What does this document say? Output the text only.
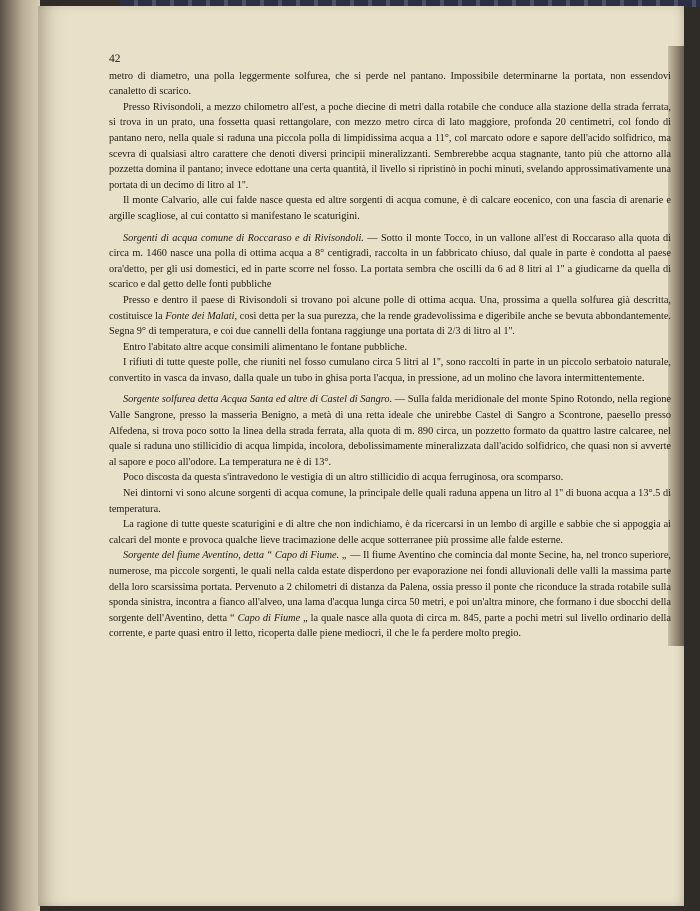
42

metro di diametro, una polla leggermente solfurea, che si perde nel pantano. Impossibile determinarne la portata, non essendovi canaletto di scarico.

Presso Rivisondoli, a mezzo chilometro all'est, a poche diecine di metri dalla rotabile che conduce alla stazione della strada ferrata, si trova in un prato, una fossetta quasi rettangolare, con mezzo metro circa di lato maggiore, profonda 20 centimetri, col fondo di pantano nero, nella quale si raduna una piccola polla di limpidissima acqua a 11°, col marcato odore e sapore dell'acido solfidrico, ma scevra di qualsiasi altro carattere che denoti diversi principii mineralizzanti. Sembrerebbe acqua stagnante, tanto più che attorno alla pozzetta domina il pantano; invece edottane una certa quantità, il livello si ripristinò in pochi minuti, svelando approssimativamente una portata di un decimo di litro al 1''.

Il monte Calvario, alle cui falde nasce questa ed altre sorgenti di acqua comune, è di calcare eocenico, con una fascia di arenarie e argille scagliose, al cui contatto si manifestano le scaturigini.

Sorgenti di acqua comune di Roccaraso e di Rivisondoli. — Sotto il monte Tocco, in un vallone all'est di Roccaraso alla quota di circa m. 1460 nasce una polla di ottima acqua a 8° centigradi, raccolta in un fabbricato chiuso, dal quale in parte è condotta al paese ora'detto, per gli usi domestici, ed in parte scorre nel fosso. La portata sembra che oscilli da 6 ad 8 litri al 1'' a giudicarne da quella di scarico e dal getto delle fonti pubbliche

Presso e dentro il paese di Rivisondoli si trovano poi alcune polle di ottima acqua. Una, prossima a quella solfurea già descritta, costituisce la Fonte dei Malati, così detta per la sua purezza, che la rende gradevolissima e digeribile anche se bevuta abbondantemente. Segna 9° di temperatura, e coi due cannelli della fontana raggiunge una portata di 2/3 di litro al 1''.

Entro l'abitato altre acque consimili alimentano le fontane pubbliche.

I rifiuti di tutte queste polle, che riuniti nel fosso cumulano circa 5 litri al 1'', sono raccolti in parte in un piccolo serbatoio naturale, convertito in vasca da invaso, dalla quale un tubo in ghisa porta l'acqua, in pressione, ad un molino che lavora intermittentemente.

Sorgente solfurea detta Acqua Santa ed altre di Castel di Sangro. — Sulla falda meridionale del monte Spino Rotondo, nella regione Valle Sangrone, presso la masseria Benigno, a metà di una retta ideale che unirebbe Castel di Sangro a Scontrone, paesello presso Alfedena, si trova poco sotto la linea della strada ferrata, alla quota di m. 890 circa, un pozzetto formato da quattro lastre calcaree, nel quale si raduna uno stillicidio di acqua limpida, incolora, debolissimamente mineralizzata dall'acido solfidrico, che quasi non si avverte al sapore e poco all'odore. La temperatura ne è di 13°.

Poco discosta da questa s'intravedono le vestigia di un altro stillicidio di acqua ferruginosa, ora scomparso.

Nei dintorni vi sono alcune sorgenti di acqua comune, la principale delle quali raduna appena un litro al 1'' di buona acqua a 13°.5 di temperatura.

La ragione di tutte queste scaturigini e di altre che non indichiamo, è da ricercarsi in un lembo di argille e sabbie che si appoggia ai calcari del monte e provoca qualche lieve tracimazione delle acque sotterranee più prossime alle falde esterne.

Sorgente del fiume Aventino, detta “ Capo di Fiume. „ — Il fiume Aventino che comincia dal monte Secine, ha, nel tronco superiore, numerose, ma piccole sorgenti, le quali nella calda estate disperdono per evaporazione nei fondi alluvionali delle valli la massima parte della loro scarsissima portata. Pervenuto a 2 chilometri di distanza da Palena, ossia presso il ponte che riconduce la strada rotabile sulla sponda sinistra, incontra a fianco all'alveo, una lama d'acqua lunga circa 50 metri, e poi un'altra minore, che formano i due sbocchi della sorgente dell'Aventino, detta “ Capo di Fiume „ la quale nasce alla quota di circa m. 845, parte a pochi metri sul livello ordinario della corrente, e parte quasi entro il letto, ricoperta dalle piene mediocri, il che le fa perdere molto pregio.
